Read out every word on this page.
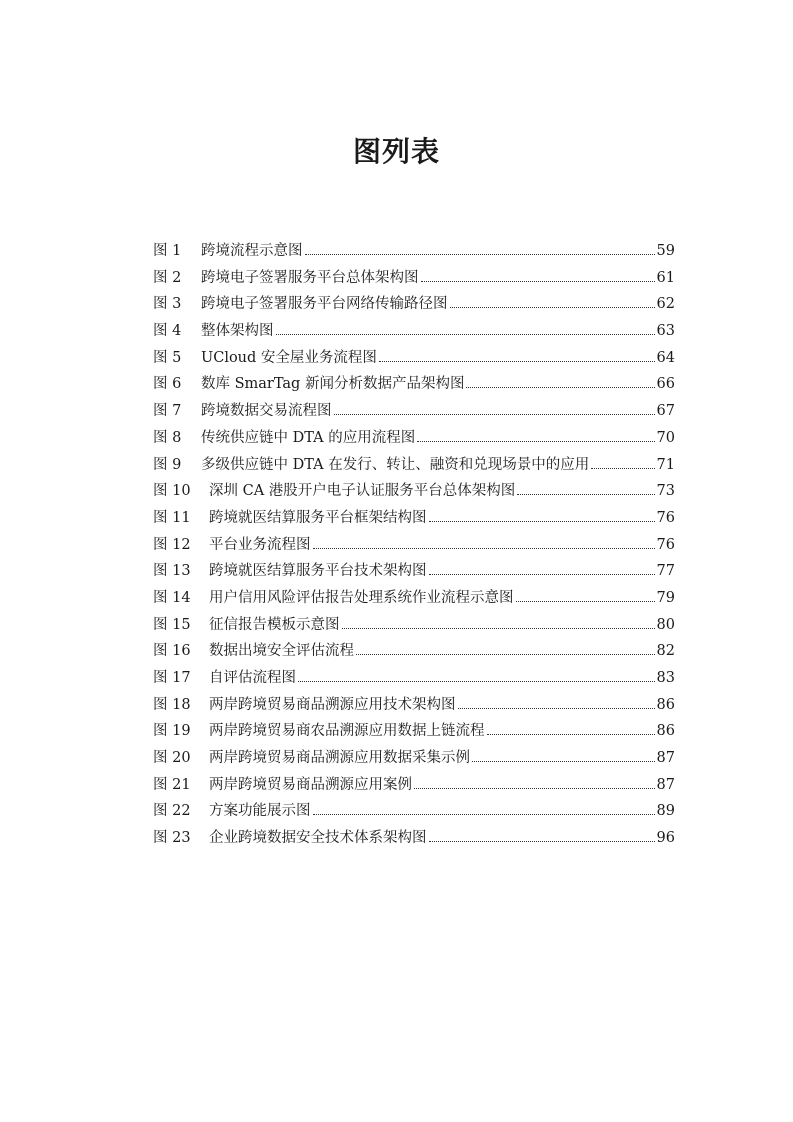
图列表
图 1	跨境流程示意图	59
图 2	跨境电子签署服务平台总体架构图	61
图 3	跨境电子签署服务平台网络传输路径图	62
图 4	整体架构图	63
图 5	UCloud 安全屋业务流程图	64
图 6	数库 SmarTag 新闻分析数据产品架构图	66
图 7	跨境数据交易流程图	67
图 8	传统供应链中 DTA 的应用流程图	70
图 9	多级供应链中 DTA 在发行、转让、融资和兑现场景中的应用	71
图 10	深圳 CA 港股开户电子认证服务平台总体架构图	73
图 11	跨境就医结算服务平台框架结构图	76
图 12	平台业务流程图	76
图 13	跨境就医结算服务平台技术架构图	77
图 14	用户信用风险评估报告处理系统作业流程示意图	79
图 15	征信报告模板示意图	80
图 16	数据出境安全评估流程	82
图 17	自评估流程图	83
图 18	两岸跨境贸易商品溯源应用技术架构图	86
图 19	两岸跨境贸易商农品溯源应用数据上链流程	86
图 20	两岸跨境贸易商品溯源应用数据采集示例	87
图 21	两岸跨境贸易商品溯源应用案例	87
图 22	方案功能展示图	89
图 23	企业跨境数据安全技术体系架构图	96
